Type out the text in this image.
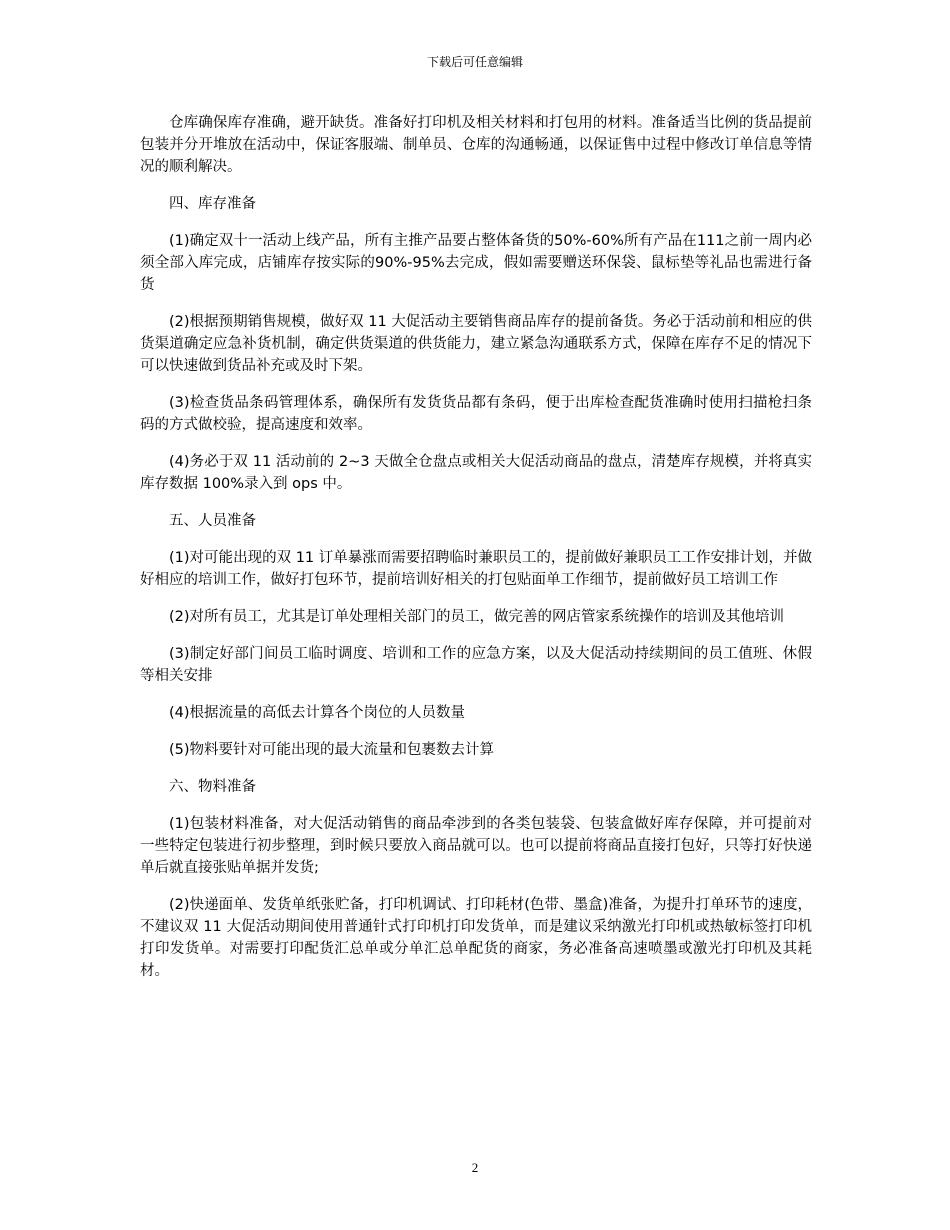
下载后可任意编辑

仓库确保库存准确，避开缺货。准备好打印机及相关材料和打包用的材料。准备适当比例的货品提前包装并分开堆放在活动中，保证客服端、制单员、仓库的沟通畅通，以保证售中过程中修改订单信息等情况的顺利解决。

四、库存准备

(1)确定双十一活动上线产品，所有主推产品要占整体备货的50%-60%所有产品在111之前一周内必须全部入库完成，店铺库存按实际的90%-95%去完成，假如需要赠送环保袋、鼠标垫等礼品也需进行备货

(2)根据预期销售规模，做好双 11 大促活动主要销售商品库存的提前备货。务必于活动前和相应的供货渠道确定应急补货机制，确定供货渠道的供货能力，建立紧急沟通联系方式，保障在库存不足的情况下可以快速做到货品补充或及时下架。

(3)检查货品条码管理体系，确保所有发货货品都有条码，便于出库检查配货准确时使用扫描枪扫条码的方式做校验，提高速度和效率。

(4)务必于双 11 活动前的 2~3 天做全仓盘点或相关大促活动商品的盘点，清楚库存规模，并将真实库存数据 100%录入到 ops 中。

五、人员准备

(1)对可能出现的双 11 订单暴涨而需要招聘临时兼职员工的，提前做好兼职员工工作安排计划，并做好相应的培训工作，做好打包环节，提前培训好相关的打包贴面单工作细节，提前做好员工培训工作

(2)对所有员工，尤其是订单处理相关部门的员工，做完善的网店管家系统操作的培训及其他培训

(3)制定好部门间员工临时调度、培训和工作的应急方案，以及大促活动持续期间的员工值班、休假等相关安排

(4)根据流量的高低去计算各个岗位的人员数量

(5)物料要针对可能出现的最大流量和包裹数去计算

六、物料准备

(1)包装材料准备，对大促活动销售的商品牵涉到的各类包装袋、包装盒做好库存保障，并可提前对一些特定包装进行初步整理，到时候只要放入商品就可以。也可以提前将商品直接打包好，只等打好快递单后就直接张贴单据并发货;

(2)快递面单、发货单纸张贮备，打印机调试、打印耗材(色带、墨盒)准备，为提升打单环节的速度，不建议双 11 大促活动期间使用普通针式打印机打印发货单，而是建议采纳激光打印机或热敏标签打印机打印发货单。对需要打印配货汇总单或分单汇总单配货的商家，务必准备高速喷墨或激光打印机及其耗材。

2
